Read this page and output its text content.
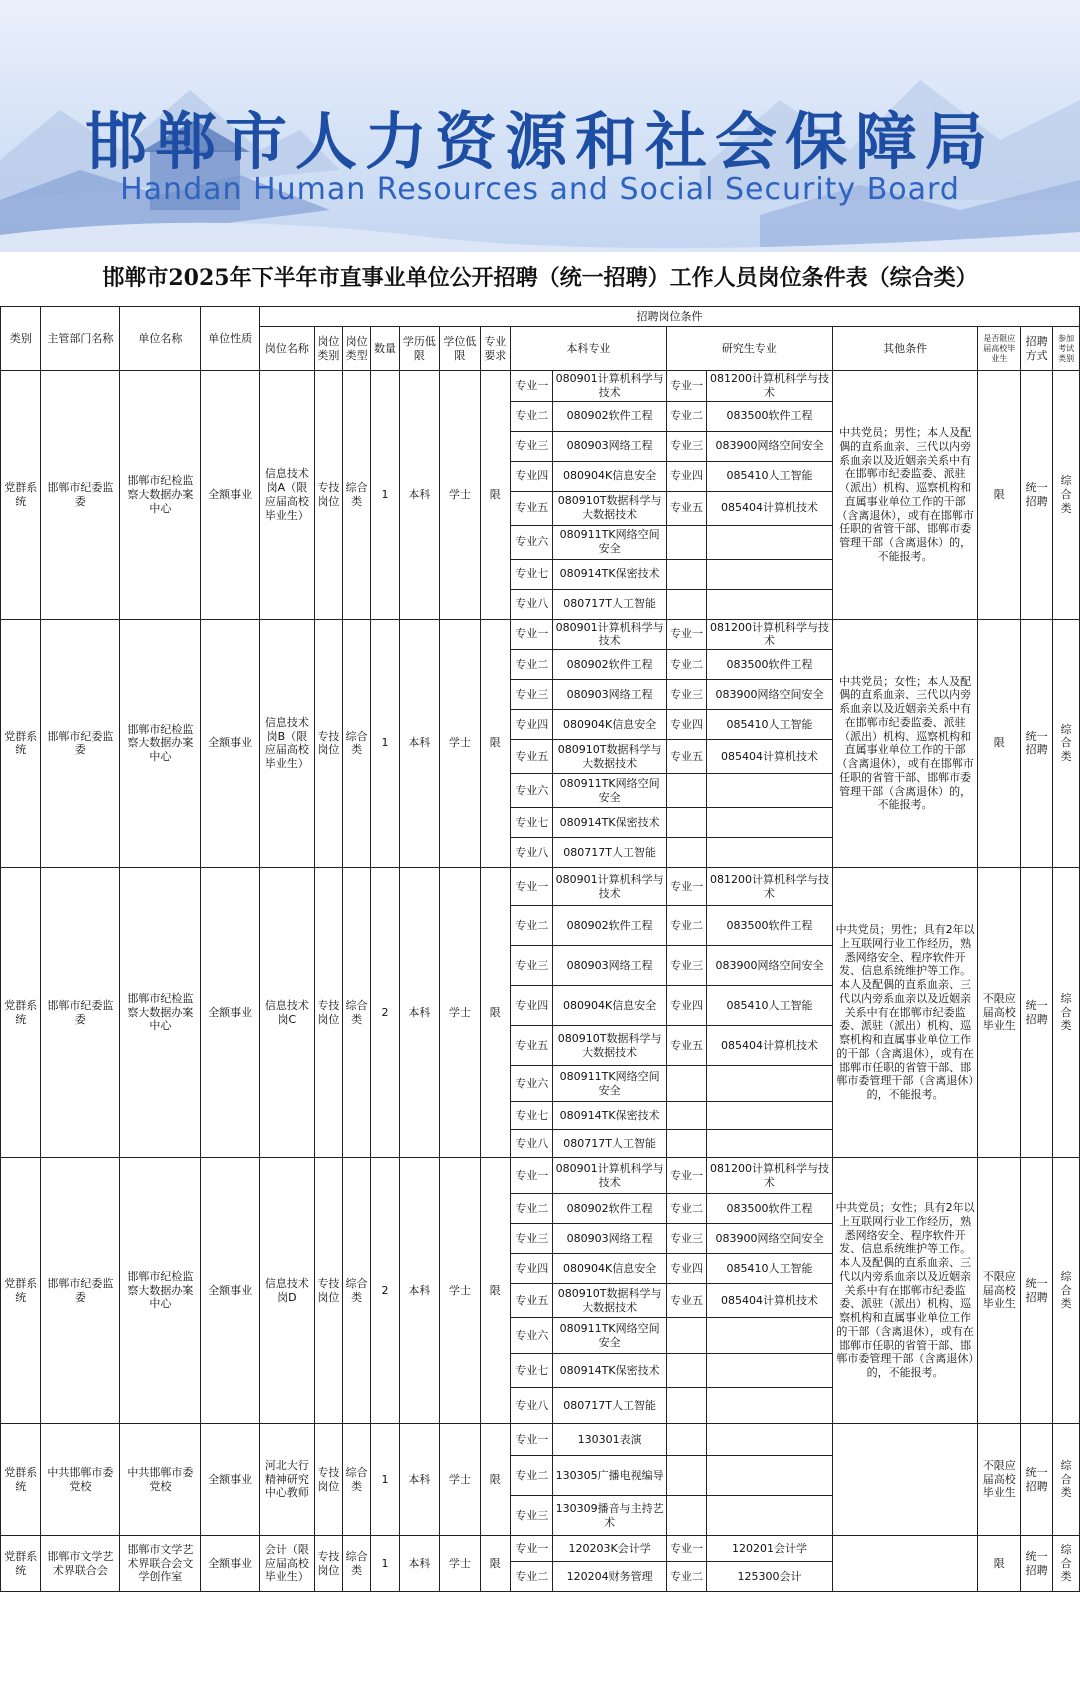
邯郸市人力资源和社会保障局
Handan Human Resources and Social Security Board
邯郸市2025年下半年市直事业单位公开招聘（统一招聘）工作人员岗位条件表（综合类）
类别	主管部门名称	单位名称	单位性质	招聘岗位条件														
				岗位名称	岗位类别	岗位类型	数量	学历低限	学位低限	专业要求	本科专业		研究生专业		其他条件	是否限应届高校毕业生	招聘方式	参加考试类别
党群系统	邯郸市纪委监委	邯郸市纪检监察大数据办案中心	全额事业	信息技术岗A（限应届高校毕业生）	专技岗位	综合类	1	本科	学士	限	专业一	080901计算机科学与技术	专业一	081200计算机科学与技术	中共党员；男性；本人及配偶的直系血亲、三代以内旁系血亲以及近姻亲关系中有在邯郸市纪委监委、派驻（派出）机构、巡察机构和直属事业单位工作的干部（含离退休），或有在邯郸市任职的省管干部、邯郸市委管理干部（含离退休）的，不能报考。	限	统一招聘	综合类
											专业二	080902软件工程	专业二	083500软件工程				
											专业三	080903网络工程	专业三	083900网络空间安全				
											专业四	080904K信息安全	专业四	085410人工智能				
											专业五	080910T数据科学与大数据技术	专业五	085404计算机技术				
											专业六	080911TK网络空间安全						
											专业七	080914TK保密技术						
											专业八	080717T人工智能						
党群系统	邯郸市纪委监委	邯郸市纪检监察大数据办案中心	全额事业	信息技术岗B（限应届高校毕业生）	专技岗位	综合类	1	本科	学士	限	专业一	080901计算机科学与技术	专业一	081200计算机科学与技术	中共党员；女性；本人及配偶的直系血亲、三代以内旁系血亲以及近姻亲关系中有在邯郸市纪委监委、派驻（派出）机构、巡察机构和直属事业单位工作的干部（含离退休），或有在邯郸市任职的省管干部、邯郸市委管理干部（含离退休）的，不能报考。	限	统一招聘	综合类
											专业二	080902软件工程	专业二	083500软件工程				
											专业三	080903网络工程	专业三	083900网络空间安全				
											专业四	080904K信息安全	专业四	085410人工智能				
											专业五	080910T数据科学与大数据技术	专业五	085404计算机技术				
											专业六	080911TK网络空间安全						
											专业七	080914TK保密技术						
											专业八	080717T人工智能						
党群系统	邯郸市纪委监委	邯郸市纪检监察大数据办案中心	全额事业	信息技术岗C	专技岗位	综合类	2	本科	学士	限	专业一	080901计算机科学与技术	专业一	081200计算机科学与技术	中共党员；男性；具有2年以上互联网行业工作经历，熟悉网络安全、程序软件开发、信息系统维护等工作。本人及配偶的直系血亲、三代以内旁系血亲以及近姻亲关系中有在邯郸市纪委监委、派驻（派出）机构、巡察机构和直属事业单位工作的干部（含离退休），或有在邯郸市任职的省管干部、邯郸市委管理干部（含离退休）的，不能报考。	不限应届高校毕业生	统一招聘	综合类
											专业二	080902软件工程	专业二	083500软件工程				
											专业三	080903网络工程	专业三	083900网络空间安全				
											专业四	080904K信息安全	专业四	085410人工智能				
											专业五	080910T数据科学与大数据技术	专业五	085404计算机技术				
											专业六	080911TK网络空间安全						
											专业七	080914TK保密技术						
											专业八	080717T人工智能						
党群系统	邯郸市纪委监委	邯郸市纪检监察大数据办案中心	全额事业	信息技术岗D	专技岗位	综合类	2	本科	学士	限	专业一	080901计算机科学与技术	专业一	081200计算机科学与技术	中共党员；女性；具有2年以上互联网行业工作经历，熟悉网络安全、程序软件开发、信息系统维护等工作。本人及配偶的直系血亲、三代以内旁系血亲以及近姻亲关系中有在邯郸市纪委监委、派驻（派出）机构、巡察机构和直属事业单位工作的干部（含离退休），或有在邯郸市任职的省管干部、邯郸市委管理干部（含离退休）的，不能报考。	不限应届高校毕业生	统一招聘	综合类
											专业二	080902软件工程	专业二	083500软件工程				
											专业三	080903网络工程	专业三	083900网络空间安全				
											专业四	080904K信息安全	专业四	085410人工智能				
											专业五	080910T数据科学与大数据技术	专业五	085404计算机技术				
											专业六	080911TK网络空间安全						
											专业七	080914TK保密技术						
											专业八	080717T人工智能						
党群系统	中共邯郸市委党校	中共邯郸市委党校	全额事业	河北大行精神研究中心教师	专技岗位	综合类	1	本科	学士	限	专业一	130301表演				不限应届高校毕业生	统一招聘	综合类
											专业二	130305广播电视编导						
											专业三	130309播音与主持艺术						
党群系统	邯郸市文学艺术界联合会	邯郸市文学艺术界联合会文学创作室	全额事业	会计（限应届高校毕业生）	专技岗位	综合类	1	本科	学士	限	专业一	120203K会计学	专业一	120201会计学		限	统一招聘	综合类
											专业二	120204财务管理	专业二	125300会计				
